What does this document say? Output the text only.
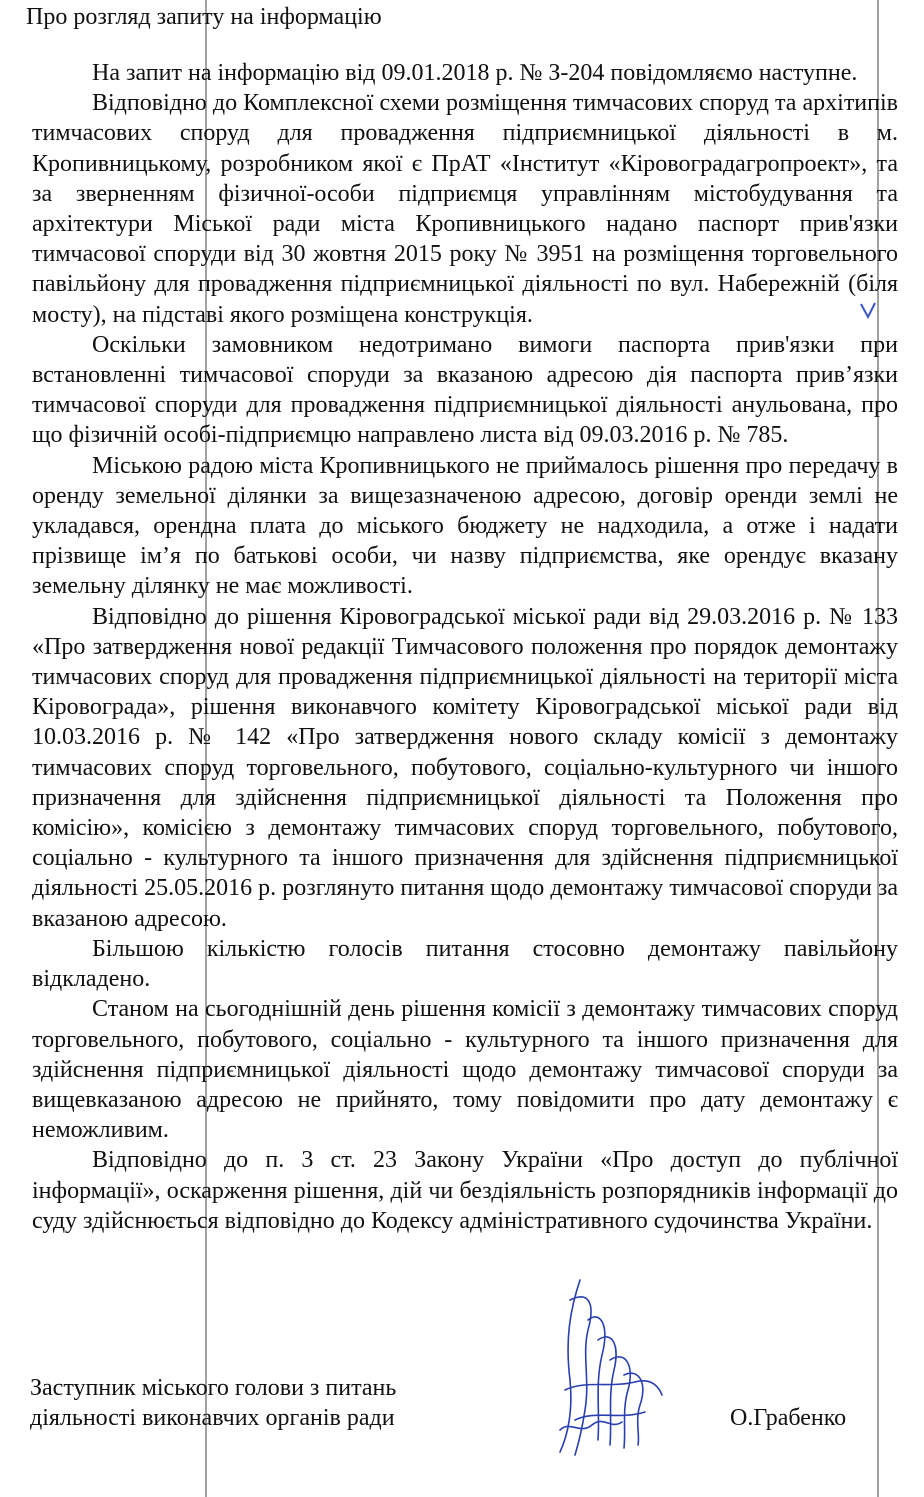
Про розгляд запиту на інформацію

На запит на інформацію від 09.01.2018 р. № З-204 повідомляємо наступне.

Відповідно до Комплексної схеми розміщення тимчасових споруд та архітипів тимчасових споруд для провадження підприємницької діяльності в м. Кропивницькому, розробником якої є ПрАТ «Інститут «Кіровоградагропроект», та за зверненням фізичної-особи підприємця управлінням містобудування та архітектури Міської ради міста Кропивницького надано паспорт прив'язки тимчасової споруди від 30 жовтня 2015 року № 3951 на розміщення торговельного павільйону для провадження підприємницької діяльності по вул. Набережній (біля мосту), на підставі якого розміщена конструкція.

Оскільки замовником недотримано вимоги паспорта прив'язки при встановленні тимчасової споруди за вказаною адресою дія паспорта прив’язки тимчасової споруди для провадження підприємницької діяльності анульована, про що фізичній особі-підприємцю направлено листа від 09.03.2016 р. № 785.

Міською радою міста Кропивницького не приймалось рішення про передачу в оренду земельної ділянки за вищезазначеною адресою, договір оренди землі не укладався, орендна плата до міського бюджету не надходила, а отже і надати прізвище ім’я по батькові особи, чи назву підприємства, яке орендує вказану земельну ділянку не має можливості.

Відповідно до рішення Кіровоградської міської ради від 29.03.2016 р. № 133 «Про затвердження нової редакції Тимчасового положення про порядок демонтажу тимчасових споруд для провадження підприємницької діяльності на території міста Кіровограда», рішення виконавчого комітету Кіровоградської міської ради від 10.03.2016 р. № 142 «Про затвердження нового складу комісії з демонтажу тимчасових споруд торговельного, побутового, соціально-культурного чи іншого призначення для здійснення підприємницької діяльності та Положення про комісію», комісією з демонтажу тимчасових споруд торговельного, побутового, соціально - культурного та іншого призначення для здійснення підприємницької діяльності 25.05.2016 р. розглянуто питання щодо демонтажу тимчасової споруди за вказаною адресою.

Більшою кількістю голосів питання стосовно демонтажу павільйону відкладено.

Станом на сьогоднішній день рішення комісії з демонтажу тимчасових споруд торговельного, побутового, соціально - культурного та іншого призначення для здійснення підприємницької діяльності щодо демонтажу тимчасової споруди за вищевказаною адресою не прийнято, тому повідомити про дату демонтажу є неможливим.

Відповідно до п. 3 ст. 23 Закону України «Про доступ до публічної інформації», оскарження рішення, дій чи бездіяльність розпорядників інформації до суду здійснюється відповідно до Кодексу адміністративного судочинства України.

Заступник міського голови з питань
діяльності виконавчих органів ради	О.Грабенко
